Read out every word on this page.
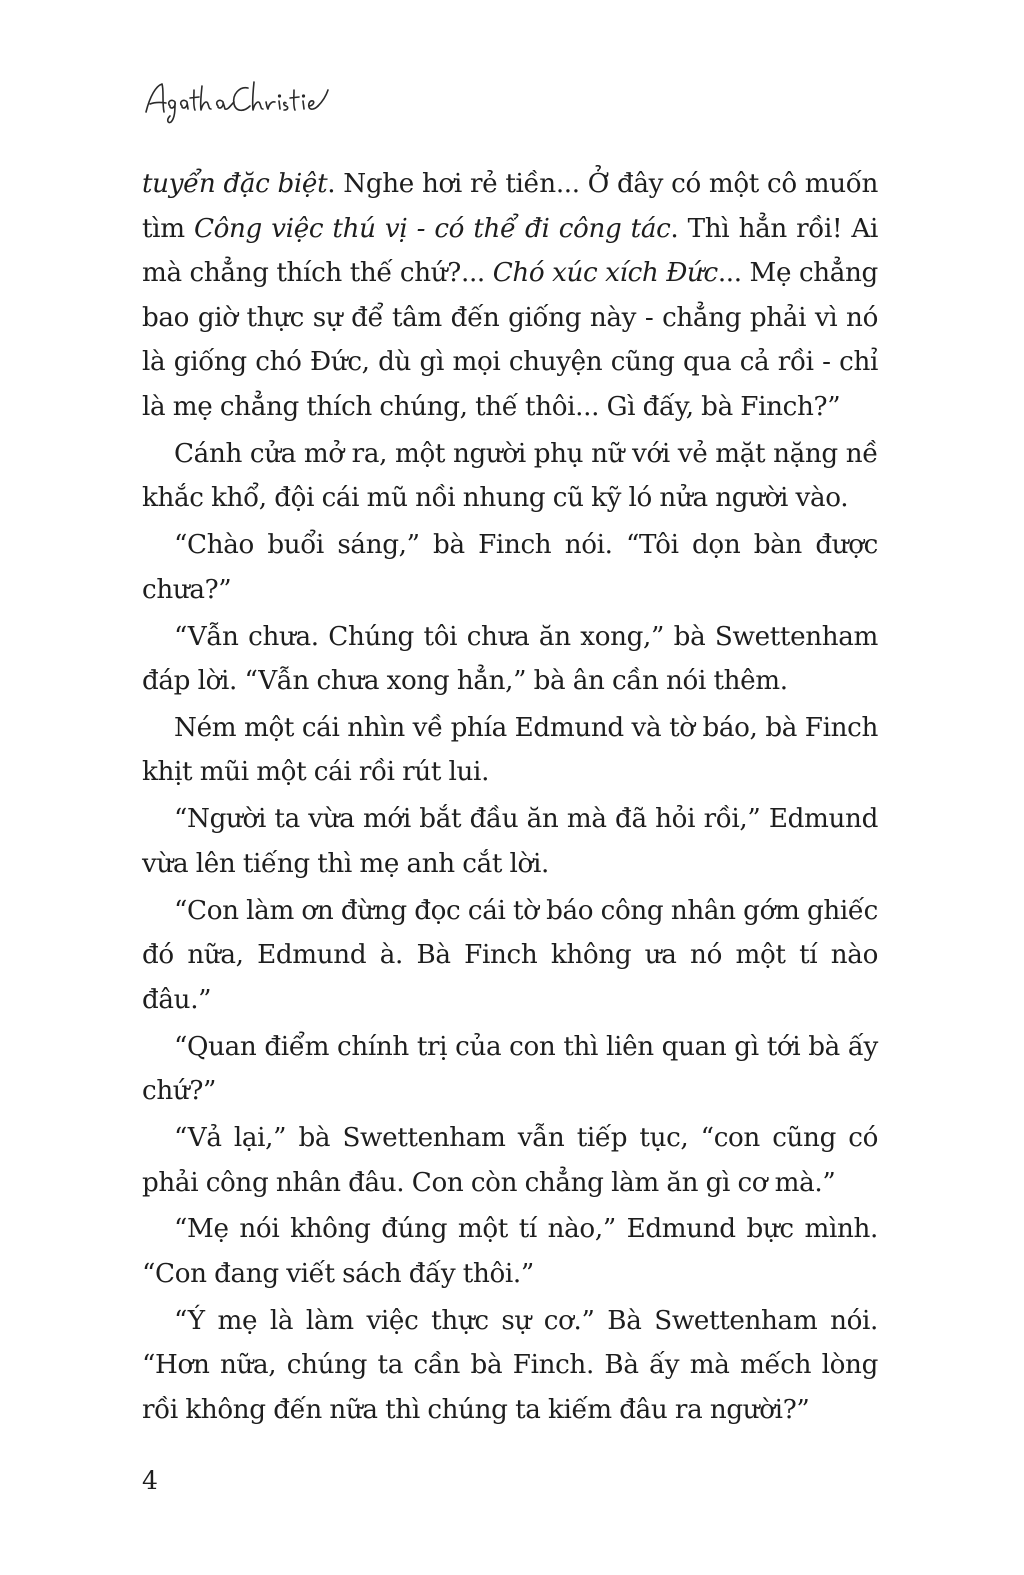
tuyển đặc biệt. Nghe hơi rẻ tiền... Ở đây có một cô muốn tìm Công việc thú vị - có thể đi công tác. Thì hẳn rồi! Ai mà chẳng thích thế chứ?... Chó xúc xích Đức... Mẹ chẳng bao giờ thực sự để tâm đến giống này - chẳng phải vì nó là giống chó Đức, dù gì mọi chuyện cũng qua cả rồi - chỉ là mẹ chẳng thích chúng, thế thôi... Gì đấy, bà Finch?”

Cánh cửa mở ra, một người phụ nữ với vẻ mặt nặng nề khắc khổ, đội cái mũ nồi nhung cũ kỹ ló nửa người vào.

“Chào buổi sáng,” bà Finch nói. “Tôi dọn bàn được chưa?”

“Vẫn chưa. Chúng tôi chưa ăn xong,” bà Swettenham đáp lời. “Vẫn chưa xong hẳn,” bà ân cần nói thêm.

Ném một cái nhìn về phía Edmund và tờ báo, bà Finch khịt mũi một cái rồi rút lui.

“Người ta vừa mới bắt đầu ăn mà đã hỏi rồi,” Edmund vừa lên tiếng thì mẹ anh cắt lời.

“Con làm ơn đừng đọc cái tờ báo công nhân gớm ghiếc đó nữa, Edmund à. Bà Finch không ưa nó một tí nào đâu.”

“Quan điểm chính trị của con thì liên quan gì tới bà ấy chứ?”

“Vả lại,” bà Swettenham vẫn tiếp tục, “con cũng có phải công nhân đâu. Con còn chẳng làm ăn gì cơ mà.”

“Mẹ nói không đúng một tí nào,” Edmund bực mình. “Con đang viết sách đấy thôi.”

“Ý mẹ là làm việc thực sự cơ.” Bà Swettenham nói. “Hơn nữa, chúng ta cần bà Finch. Bà ấy mà mếch lòng rồi không đến nữa thì chúng ta kiếm đâu ra người?”

4
